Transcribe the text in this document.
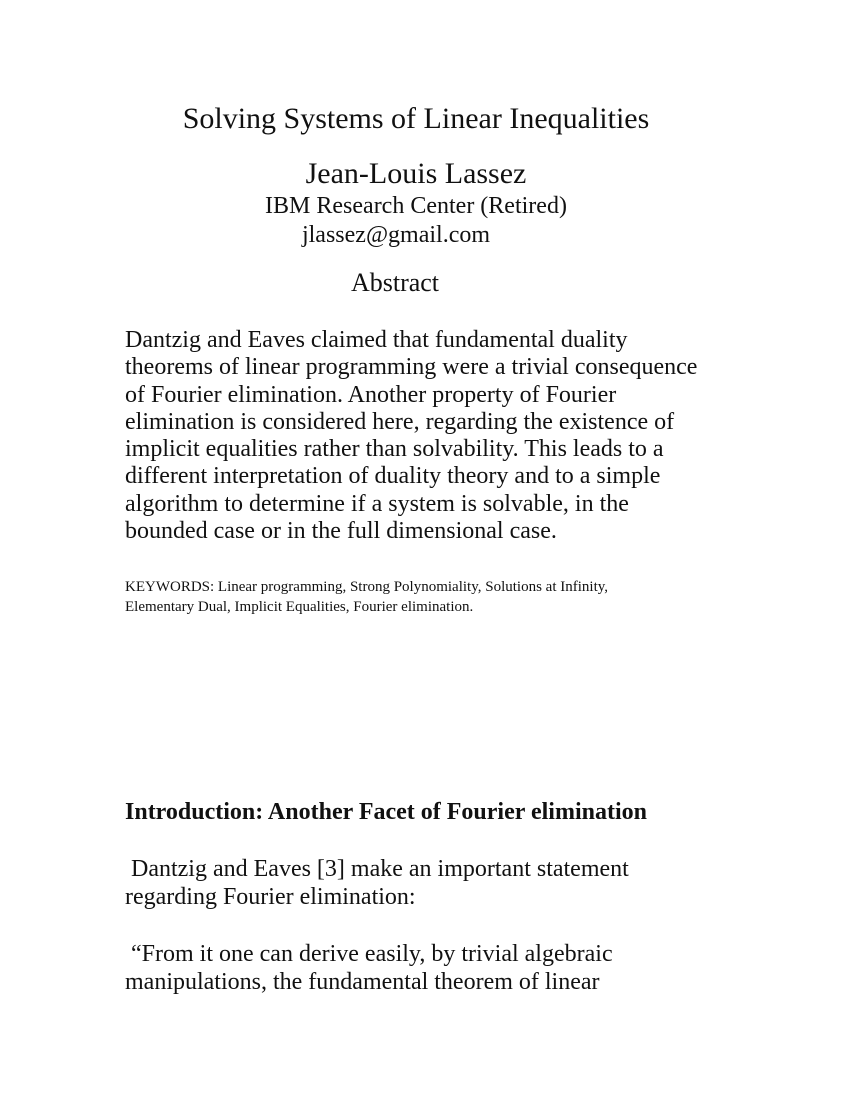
Solving Systems of Linear Inequalities
Jean-Louis Lassez
IBM Research Center (Retired)
jlassez@gmail.com
Abstract
Dantzig and Eaves claimed that fundamental duality
theorems of linear programming were a trivial consequence
of Fourier elimination. Another property of Fourier
elimination is considered here, regarding the existence of
implicit equalities rather than solvability. This leads to a
different interpretation of duality theory and to a simple
algorithm to determine if a system is solvable, in the
bounded case or in the full dimensional case.
KEYWORDS: Linear programming, Strong Polynomiality, Solutions at Infinity,
Elementary Dual, Implicit Equalities, Fourier elimination.
Introduction: Another Facet of Fourier elimination
Dantzig and Eaves [3] make an important statement
regarding Fourier elimination:
“From it one can derive easily, by trivial algebraic
manipulations, the fundamental theorem of linear
